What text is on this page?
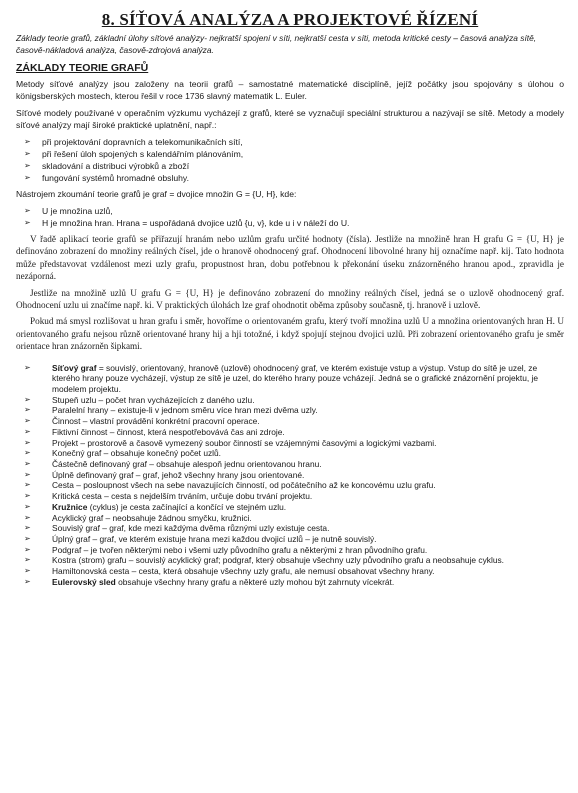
8. SÍŤOVÁ ANALÝZA A PROJEKTOVÉ ŘÍZENÍ
Základy teorie grafů, základní úlohy síťové analýzy- nejkratší spojení v síti, nejkratší cesta v síti, metoda kritické cesty – časová analýza sítě, časově-nákladová analýza, časově-zdrojová analýza.
ZÁKLADY TEORIE GRAFŮ
Metody síťové analýzy jsou založeny na teorii grafů – samostatné matematické disciplíně, jejíž počátky jsou spojovány s úlohou o königsberských mostech, kterou řešil v roce 1736 slavný matematik L. Euler.
Síťové modely používané v operačním výzkumu vycházejí z grafů, které se vyznačují speciální strukturou a nazývají se sítě. Metody a modely síťové analýzy mají široké praktické uplatnění, např.:
➢ při projektování dopravních a telekomunikačních sítí,
➢ při řešení úloh spojených s kalendářním plánováním,
➢ skladování a distribuci výrobků a zboží
➢ fungování systémů hromadné obsluhy.
Nástrojem zkoumání teorie grafů je graf = dvojice množin G = {U, H}, kde:
➢ U je množina uzlů,
➢ H je množina hran. Hrana = uspořádaná dvojice uzlů {u, v}, kde u i v náleží do U.
V řadě aplikací teorie grafů se přiřazují hranám nebo uzlům grafu určité hodnoty (čísla). Jestliže na množině hran H grafu G = {U, H} je definováno zobrazení do množiny reálných čísel, jde o hranově ohodnocený graf. Ohodnocení libovolné hrany hij označíme např. kij. Tato hodnota může představovat vzdálenost mezi uzly grafu, propustnost hran, dobu potřebnou k překonání úseku znázorněného hranou apod., zpravidla je nezáporná.
Jestliže na množině uzlů U grafu G = {U, H} je definováno zobrazení do množiny reálných čísel, jedná se o uzlově ohodnocený graf. Ohodnocení uzlu ui značíme např. ki. V praktických úlohách lze graf ohodnotit oběma způsoby současně, tj. hranově i uzlově.
Pokud má smysl rozlišovat u hran grafu i směr, hovoříme o orientovaném grafu, který tvoří množina uzlů U a množina orientovaných hran H. U orientovaného grafu nejsou různě orientované hrany hij a hji totožné, i když spojují stejnou dvojici uzlů. Při zobrazení orientovaného grafu je směr orientace hran znázorněn šipkami.
➢	Síťový graf = souvislý, orientovaný, hranově (uzlově) ohodnocený graf, ve kterém existuje vstup a výstup. Vstup do sítě je uzel, ze kterého hrany pouze vycházejí, výstup ze sítě je uzel, do kterého hrany pouze vcházejí. Jedná se o grafické znázornění projektu, je modelem projektu.
➢	Stupeň uzlu – počet hran vycházejících z daného uzlu.
➢	Paralelní hrany – existuje-li v jednom směru více hran mezi dvěma uzly.
➢	Činnost – vlastní provádění konkrétní pracovní operace.
➢	Fiktivní činnost – činnost, která nespotřebovává čas ani zdroje.
➢	Projekt – prostorově a časově vymezený soubor činností se vzájemnými časovými a logickými vazbami.
➢	Konečný graf – obsahuje konečný počet uzlů.
➢	Částečně definovaný graf – obsahuje alespoň jednu orientovanou hranu.
➢	Úplně definovaný graf – graf, jehož všechny hrany jsou orientované.
➢	Cesta – posloupnost všech na sebe navazujících činností, od počátečního až ke koncovému uzlu grafu.
➢	Kritická cesta – cesta s nejdelším trváním, určuje dobu trvání projektu.
➢	Kružnice (cyklus) je cesta začínající a končící ve stejném uzlu.
➢	Acyklický graf – neobsahuje žádnou smyčku, kružnici.
➢	Souvislý graf – graf, kde mezi každýma dvěma různými uzly existuje cesta.
➢	Úplný graf – graf, ve kterém existuje hrana mezi každou dvojicí uzlů – je nutně souvislý.
➢	Podgraf – je tvořen některými nebo i všemi uzly původního grafu a některými z hran původního grafu.
➢	Kostra (strom) grafu – souvislý acyklický graf; podgraf, který obsahuje všechny uzly původního grafu a neobsahuje cyklus.
➢	Hamiltonovská cesta – cesta, která obsahuje všechny uzly grafu, ale nemusí obsahovat všechny hrany.
➢	Eulerovský sled obsahuje všechny hrany grafu a některé uzly mohou být zahrnuty vícekrát.
